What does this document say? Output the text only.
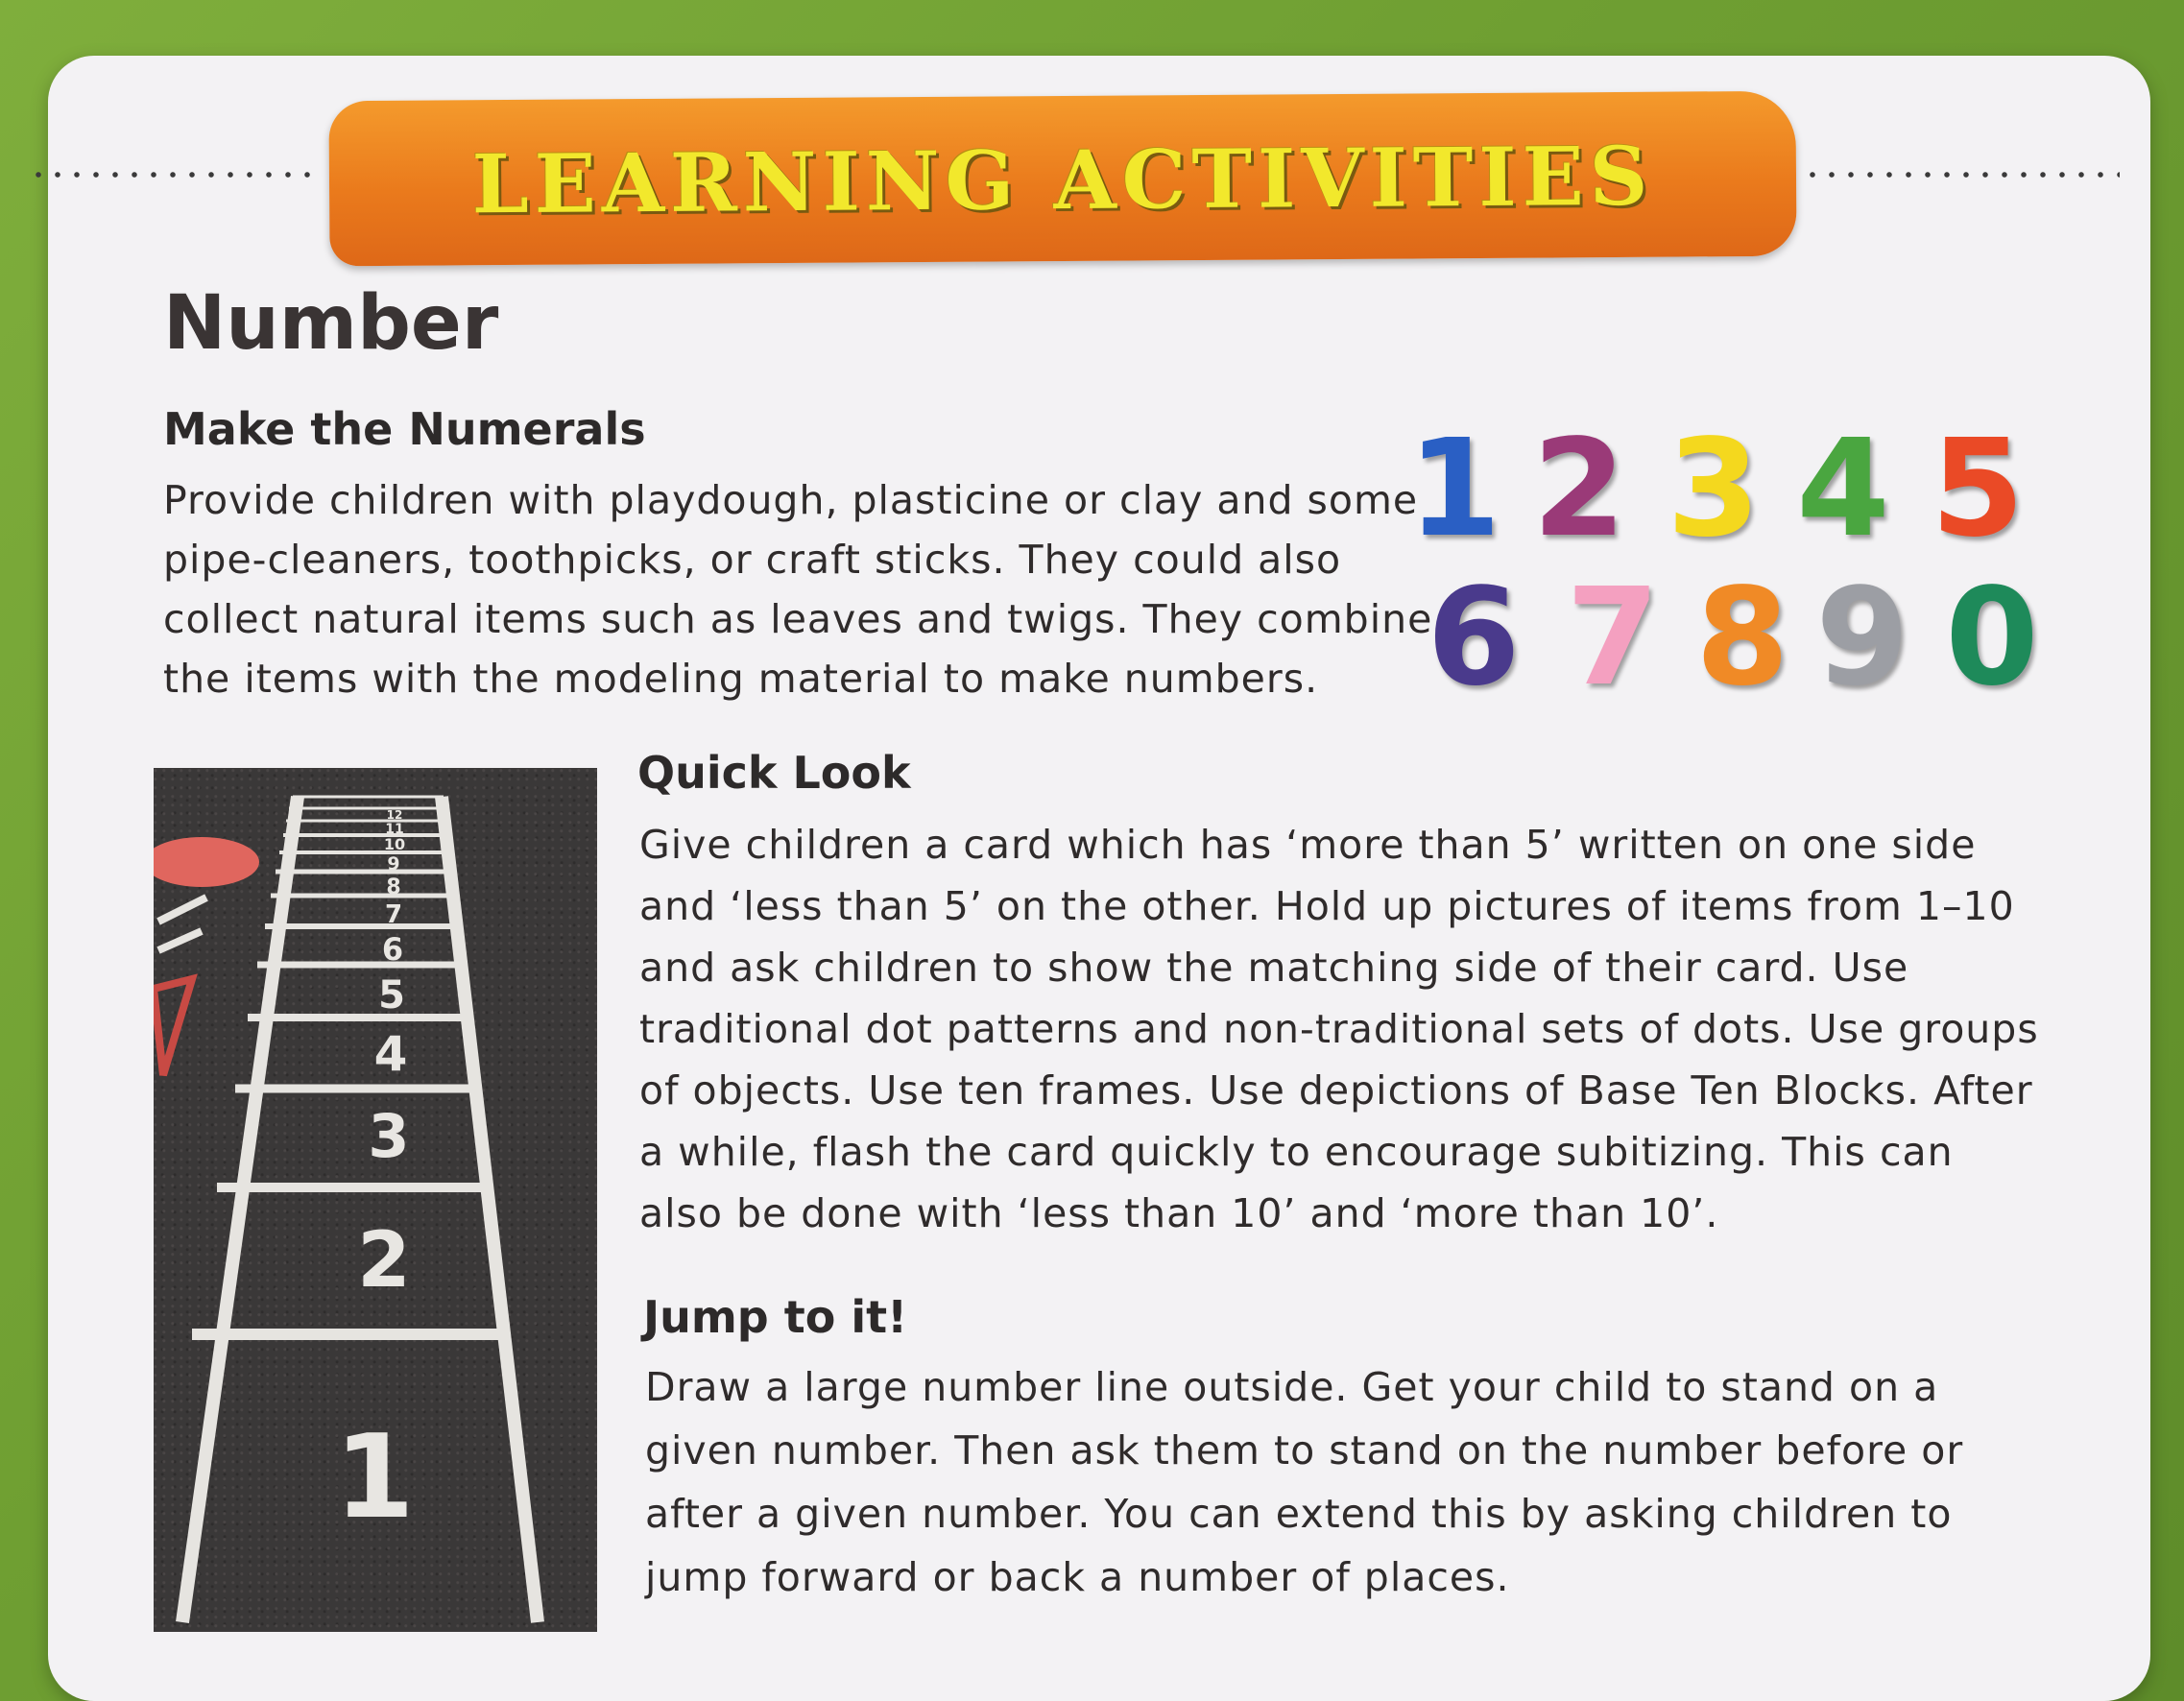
LEARNING ACTIVITIES
Number
Make the Numerals
Provide children with playdough, plasticine or clay and some
pipe-cleaners, toothpicks, or craft sticks. They could also
collect natural items such as leaves and twigs. They combine
the items with the modeling material to make numbers.
1 2 3 4 5
6 7 8 9 0
1
2
3
4
5
6
7
8
9
10
11
12
Quick Look
Give children a card which has ‘more than 5’ written on one side
and ‘less than 5’ on the other. Hold up pictures of items from 1–10
and ask children to show the matching side of their card. Use
traditional dot patterns and non-traditional sets of dots. Use groups
of objects. Use ten frames. Use depictions of Base Ten Blocks. After
a while, flash the card quickly to encourage subitizing. This can
also be done with ‘less than 10’ and ‘more than 10’.
Jump to it!
Draw a large number line outside. Get your child to stand on a
given number. Then ask them to stand on the number before or
after a given number. You can extend this by asking children to
jump forward or back a number of places.
